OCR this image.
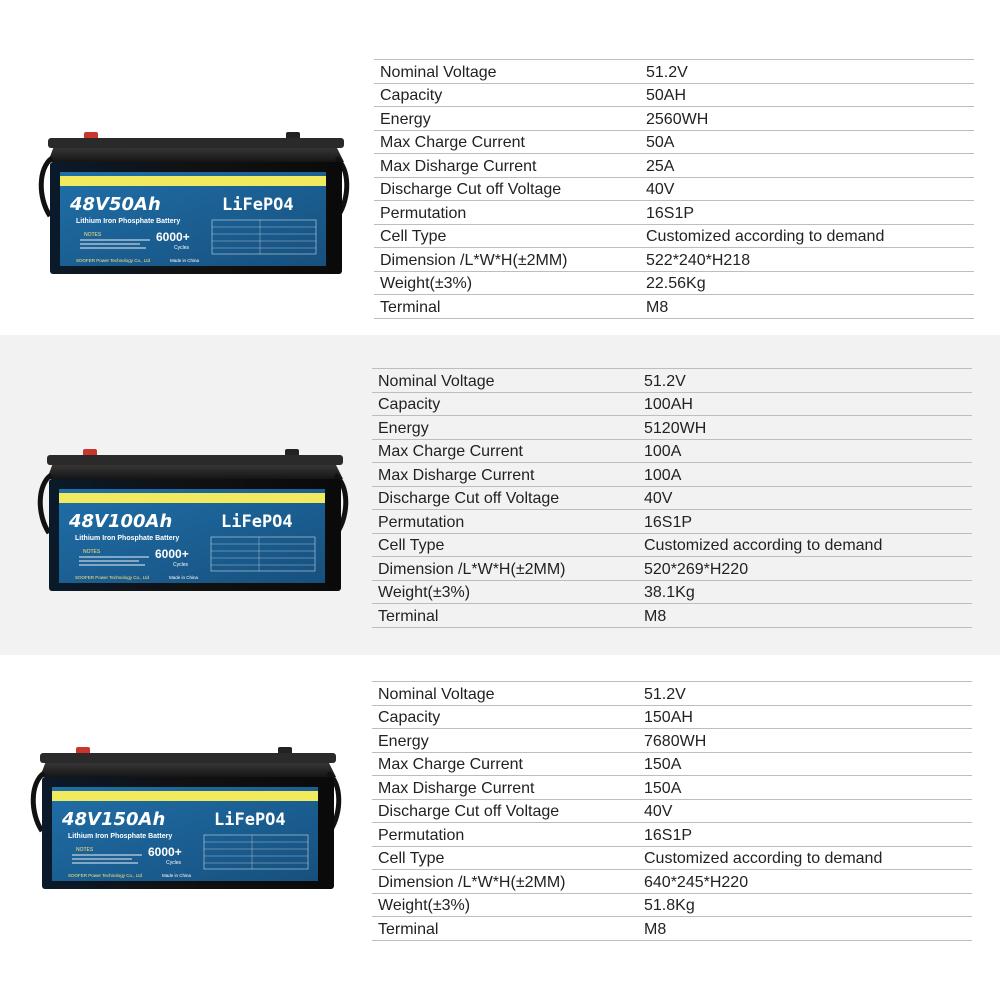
48V50Ah	LiFePO4
Lithium Iron Phosphate Battery
NOTES	6000+
Cycles
SOOFER Power Technology Co., Ltd	Made in China
48V100Ah	LiFePO4
Lithium Iron Phosphate Battery
NOTES	6000+
Cycles
SOOFER Power Technology Co., Ltd	Made in China
48V150Ah	LiFePO4
Lithium Iron Phosphate Battery
NOTES	6000+
Cycles
SOOFER Power Technology Co., Ltd	Made in China
Nominal Voltage	51.2V
Capacity	50AH
Energy	2560WH
Max Charge Current	50A
Max Disharge Current	25A
Discharge Cut off Voltage	40V
Permutation	16S1P
Cell Type	Customized according to demand
Dimension /L*W*H(±2MM)	522*240*H218
Weight(±3%)	22.56Kg
Terminal	M8
Nominal Voltage	51.2V
Capacity	100AH
Energy	5120WH
Max Charge Current	100A
Max Disharge Current	100A
Discharge Cut off Voltage	40V
Permutation	16S1P
Cell Type	Customized according to demand
Dimension /L*W*H(±2MM)	520*269*H220
Weight(±3%)	38.1Kg
Terminal	M8
Nominal Voltage	51.2V
Capacity	150AH
Energy	7680WH
Max Charge Current	150A
Max Disharge Current	150A
Discharge Cut off Voltage	40V
Permutation	16S1P
Cell Type	Customized according to demand
Dimension /L*W*H(±2MM)	640*245*H220
Weight(±3%)	51.8Kg
Terminal	M8
